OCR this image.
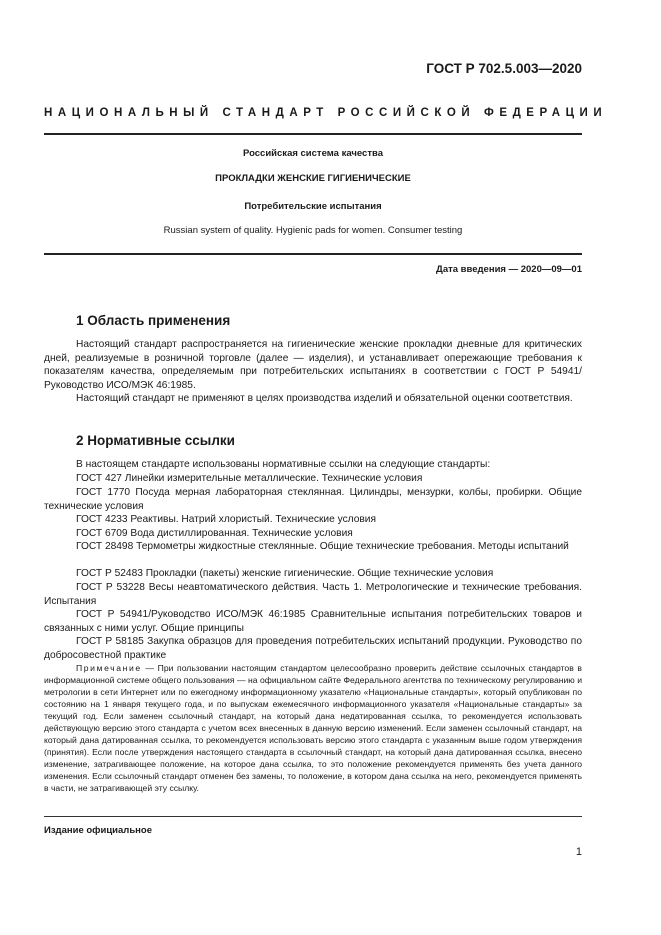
ГОСТ Р 702.5.003—2020
НАЦИОНАЛЬНЫЙ СТАНДАРТ РОССИЙСКОЙ ФЕДЕРАЦИИ
Российская система качества
ПРОКЛАДКИ ЖЕНСКИЕ ГИГИЕНИЧЕСКИЕ
Потребительские испытания
Russian system of quality. Hygienic pads for women. Consumer testing
Дата введения — 2020—09—01
1 Область применения

Настоящий стандарт распространяется на гигиенические женские прокладки дневные для критических дней, реализуемые в розничной торговле (далее — изделия), и устанавливает опережающие требования к показателям качества, определяемым при потребительских испытаниях в соответствии с ГОСТ Р 54941/Руководство ИСО/МЭК 46:1985.

Настоящий стандарт не применяют в целях производства изделий и обязательной оценки соответствия.

2 Нормативные ссылки

В настоящем стандарте использованы нормативные ссылки на следующие стандарты:

ГОСТ 427 Линейки измерительные металлические. Технические условия

ГОСТ 1770 Посуда мерная лабораторная стеклянная. Цилиндры, мензурки, колбы, пробирки. Общие технические условия

ГОСТ 4233 Реактивы. Натрий хлористый. Технические условия

ГОСТ 6709 Вода дистиллированная. Технические условия

ГОСТ 28498 Термометры жидкостные стеклянные. Общие технические требования. Методы испытаний

ГОСТ Р 52483 Прокладки (пакеты) женские гигиенические. Общие технические условия

ГОСТ Р 53228 Весы неавтоматического действия. Часть 1. Метрологические и технические требования. Испытания

ГОСТ Р 54941/Руководство ИСО/МЭК 46:1985 Сравнительные испытания потребительских товаров и связанных с ними услуг. Общие принципы

ГОСТ Р 58185 Закупка образцов для проведения потребительских испытаний продукции. Руководство по добросовестной практике

Примечание — При пользовании настоящим стандартом целесообразно проверить действие ссылочных стандартов в информационной системе общего пользования — на официальном сайте Федерального агентства по техническому регулированию и метрологии в сети Интернет или по ежегодному информационному указателю «Национальные стандарты», который опубликован по состоянию на 1 января текущего года, и по выпускам ежемесячного информационного указателя «Национальные стандарты» за текущий год. Если заменен ссылочный стандарт, на который дана недатированная ссылка, то рекомендуется использовать действующую версию этого стандарта с учетом всех внесенных в данную версию изменений. Если заменен ссылочный стандарт, на который дана датированная ссылка, то рекомендуется использовать версию этого стандарта с указанным выше годом утверждения (принятия). Если после утверждения настоящего стандарта в ссылочный стандарт, на который дана датированная ссылка, внесено изменение, затрагивающее положение, на которое дана ссылка, то это положение рекомендуется применять без учета данного изменения. Если ссылочный стандарт отменен без замены, то положение, в котором дана ссылка на него, рекомендуется применять в части, не затрагивающей эту ссылку.

Издание официальное
1
